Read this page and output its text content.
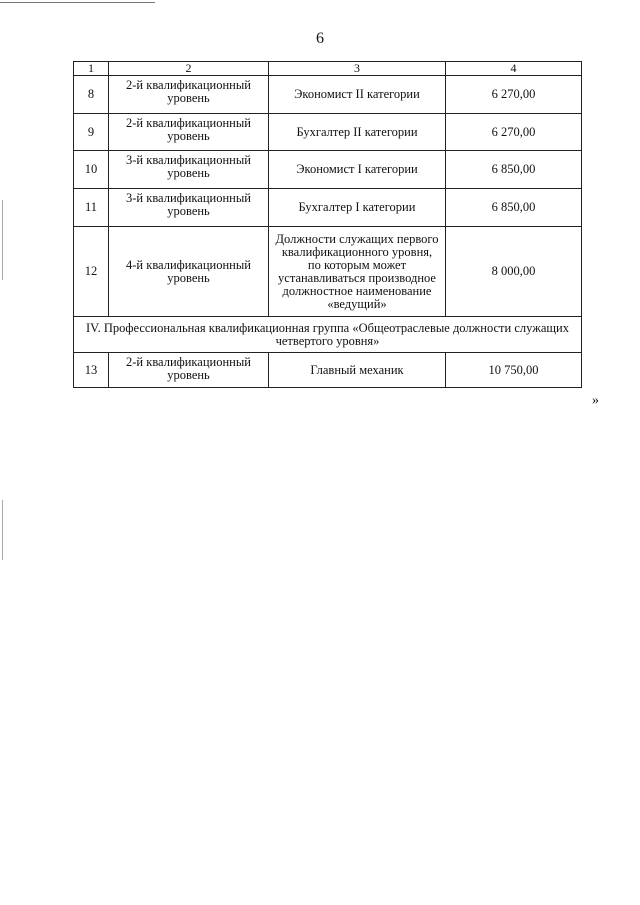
6
1	2	3	4
8	2-й квалификационный уровень	Экономист II категории	6 270,00
9	2-й квалификационный уровень	Бухгалтер II категории	6 270,00
10	3-й квалификационный уровень	Экономист I категории	6 850,00
11	3-й квалификационный уровень	Бухгалтер I категории	6 850,00
12	4-й квалификационный уровень	Должности служащих первого квалификационного уровня, по которым может устанавливаться производное должностное наименование «ведущий»	8 000,00
IV. Профессиональная квалификационная группа «Общеотраслевые должности служащих четвертого уровня»			
13	2-й квалификационный уровень	Главный механик	10 750,00
»
